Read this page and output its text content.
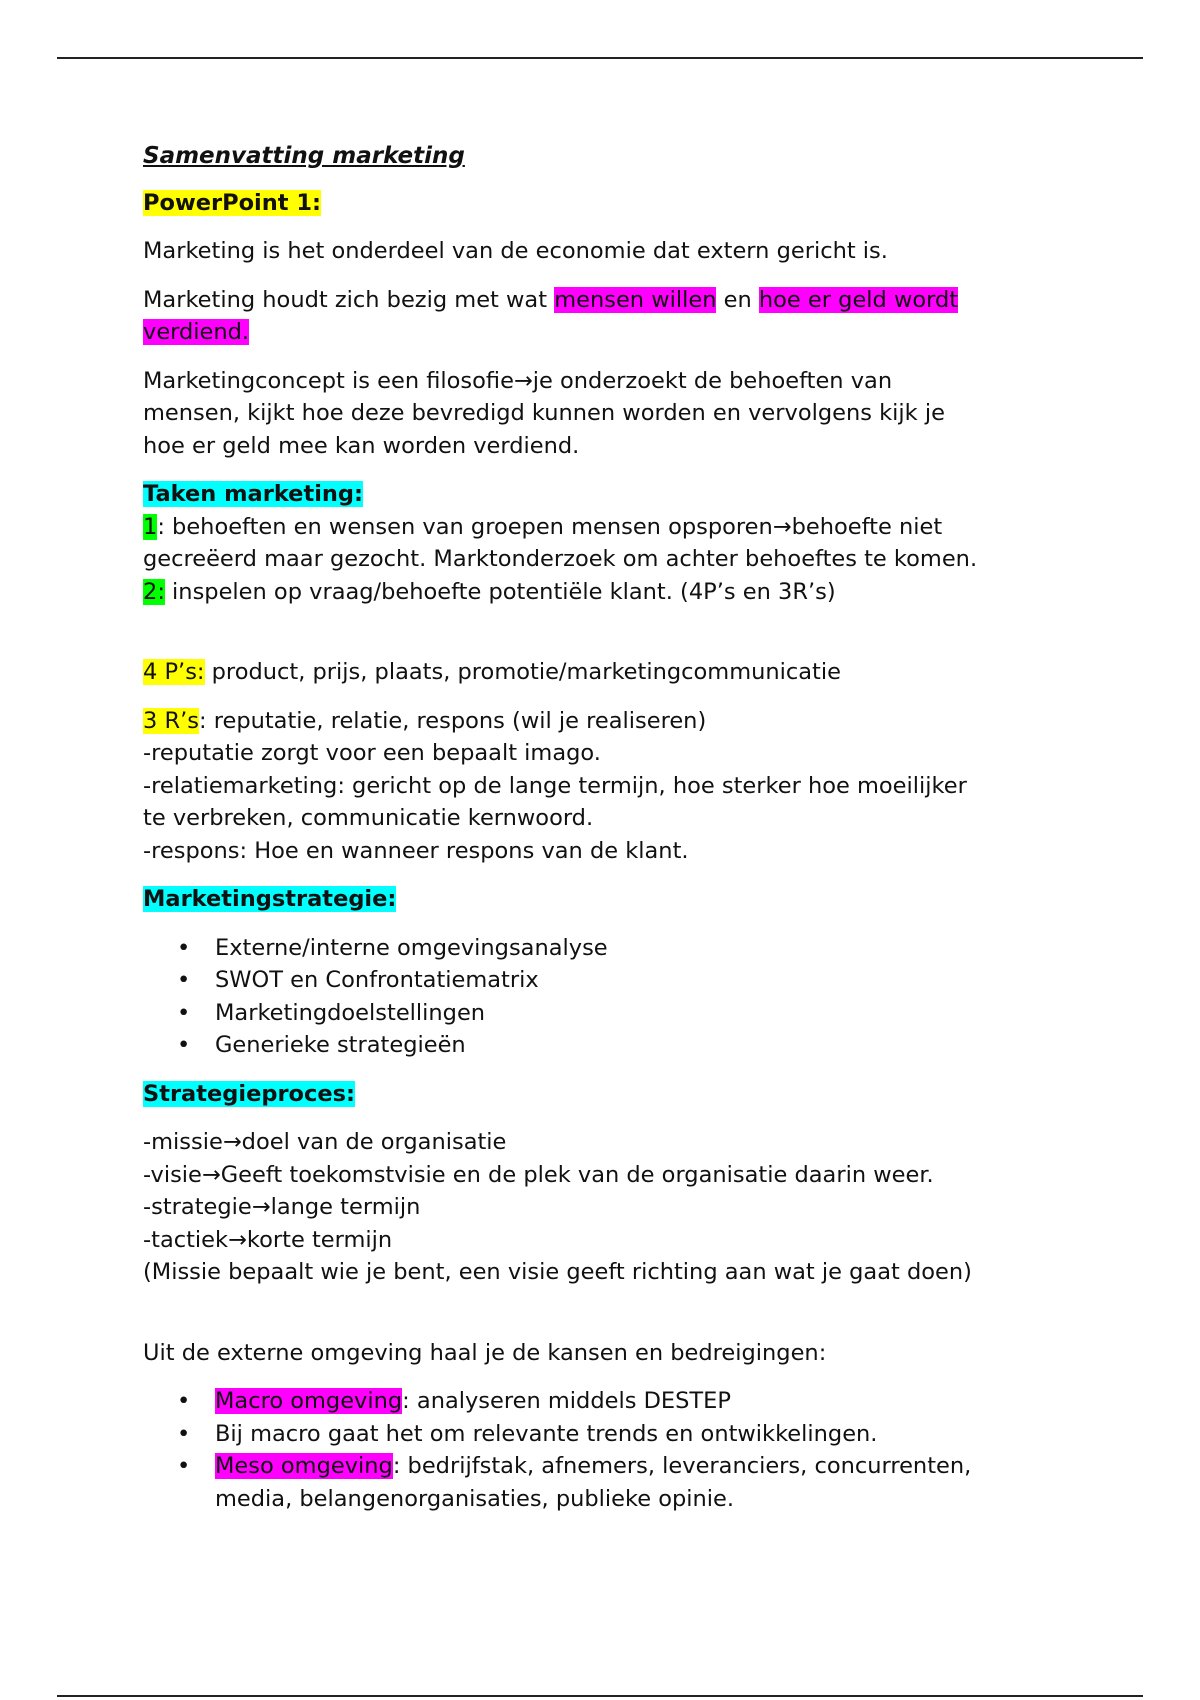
Samenvatting marketing

PowerPoint 1:

Marketing is het onderdeel van de economie dat extern gericht is.

Marketing houdt zich bezig met wat mensen willen en hoe er geld wordt
verdiend.

Marketingconcept is een filosofie→je onderzoekt de behoeften van
mensen, kijkt hoe deze bevredigd kunnen worden en vervolgens kijk je
hoe er geld mee kan worden verdiend.

Taken marketing:
1: behoeften en wensen van groepen mensen opsporen→behoefte niet
gecreëerd maar gezocht. Marktonderzoek om achter behoeftes te komen.
2: inspelen op vraag/behoefte potentiële klant. (4P’s en 3R’s)

4 P’s: product, prijs, plaats, promotie/marketingcommunicatie

3 R’s: reputatie, relatie, respons (wil je realiseren)
-reputatie zorgt voor een bepaalt imago.
-relatiemarketing: gericht op de lange termijn, hoe sterker hoe moeilijker
te verbreken, communicatie kernwoord.
-respons: Hoe en wanneer respons van de klant.

Marketingstrategie:

• Externe/interne omgevingsanalyse
• SWOT en Confrontatiematrix
• Marketingdoelstellingen
• Generieke strategieën

Strategieproces:

-missie→doel van de organisatie
-visie→Geeft toekomstvisie en de plek van de organisatie daarin weer.
-strategie→lange termijn
-tactiek→korte termijn
(Missie bepaalt wie je bent, een visie geeft richting aan wat je gaat doen)

Uit de externe omgeving haal je de kansen en bedreigingen:

• Macro omgeving: analyseren middels DESTEP
• Bij macro gaat het om relevante trends en ontwikkelingen.
• Meso omgeving: bedrijfstak, afnemers, leveranciers, concurrenten,
media, belangenorganisaties, publieke opinie.
